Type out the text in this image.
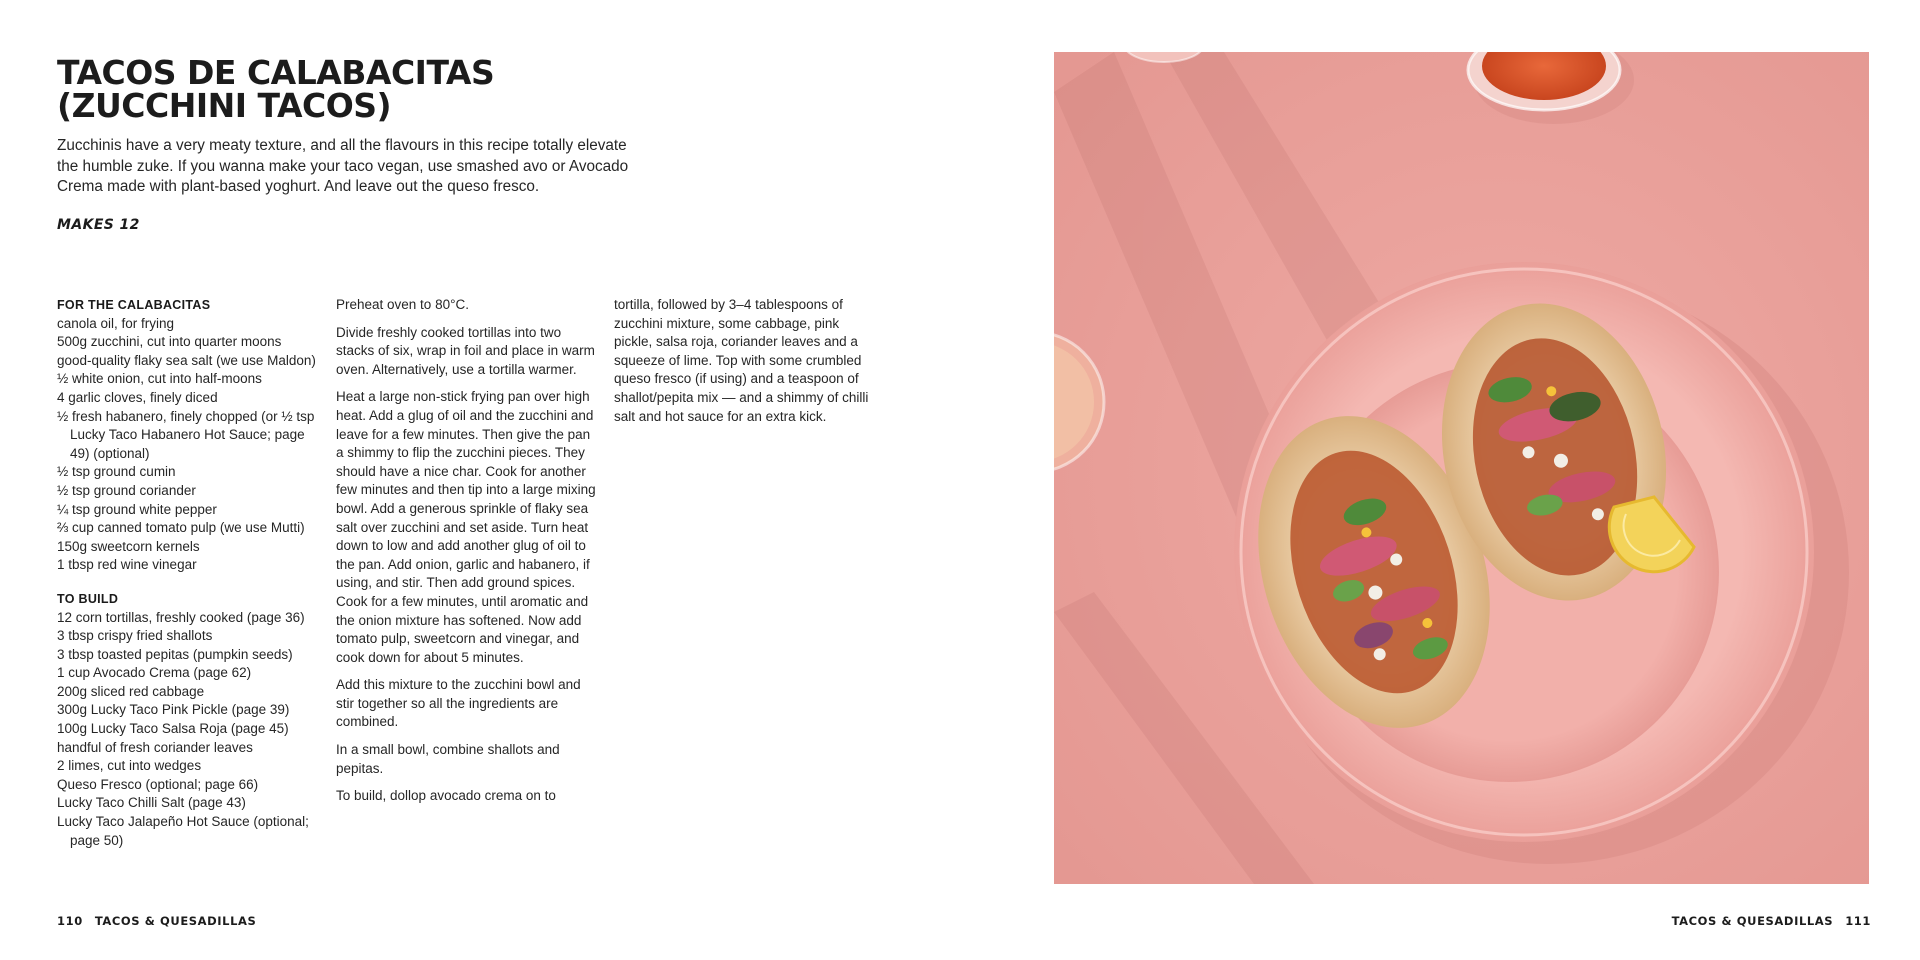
TACOS DE CALABACITAS
(ZUCCHINI TACOS)

Zucchinis have a very meaty texture, and all the flavours in this recipe totally elevate the humble zuke. If you wanna make your taco vegan, use smashed avo or Avocado Crema made with plant-based yoghurt. And leave out the queso fresco.

MAKES 12

FOR THE CALABACITAS
canola oil, for frying
500g zucchini, cut into quarter moons
good-quality flaky sea salt (we use Maldon)
½ white onion, cut into half-moons
4 garlic cloves, finely diced
½ fresh habanero, finely chopped (or ½ tsp Lucky Taco Habanero Hot Sauce; page 49) (optional)
½ tsp ground cumin
½ tsp ground coriander
¼ tsp ground white pepper
⅔ cup canned tomato pulp (we use Mutti)
150g sweetcorn kernels
1 tbsp red wine vinegar
TO BUILD
12 corn tortillas, freshly cooked (page 36)
3 tbsp crispy fried shallots
3 tbsp toasted pepitas (pumpkin seeds)
1 cup Avocado Crema (page 62)
200g sliced red cabbage
300g Lucky Taco Pink Pickle (page 39)
100g Lucky Taco Salsa Roja (page 45)
handful of fresh coriander leaves
2 limes, cut into wedges
Queso Fresco (optional; page 66)
Lucky Taco Chilli Salt (page 43)
Lucky Taco Jalapeño Hot Sauce (optional; page 50)

Preheat oven to 80°C.

Divide freshly cooked tortillas into two stacks of six, wrap in foil and place in warm oven. Alternatively, use a tortilla warmer.

Heat a large non-stick frying pan over high heat. Add a glug of oil and the zucchini and leave for a few minutes. Then give the pan a shimmy to flip the zucchini pieces. They should have a nice char. Cook for another few minutes and then tip into a large mixing bowl. Add a generous sprinkle of flaky sea salt over zucchini and set aside. Turn heat down to low and add another glug of oil to the pan. Add onion, garlic and habanero, if using, and stir. Then add ground spices. Cook for a few minutes, until aromatic and the onion mixture has softened. Now add tomato pulp, sweetcorn and vinegar, and cook down for about 5 minutes.

Add this mixture to the zucchini bowl and stir together so all the ingredients are combined.

In a small bowl, combine shallots and pepitas.

To build, dollop avocado crema on to

tortilla, followed by 3–4 tablespoons of zucchini mixture, some cabbage, pink pickle, salsa roja, coriander leaves and a squeeze of lime. Top with some crumbled queso fresco (if using) and a teaspoon of shallot/pepita mix — and a shimmy of chilli salt and hot sauce for an extra kick.

110 TACOS & QUESADILLAS	TACOS & QUESADILLAS 111
